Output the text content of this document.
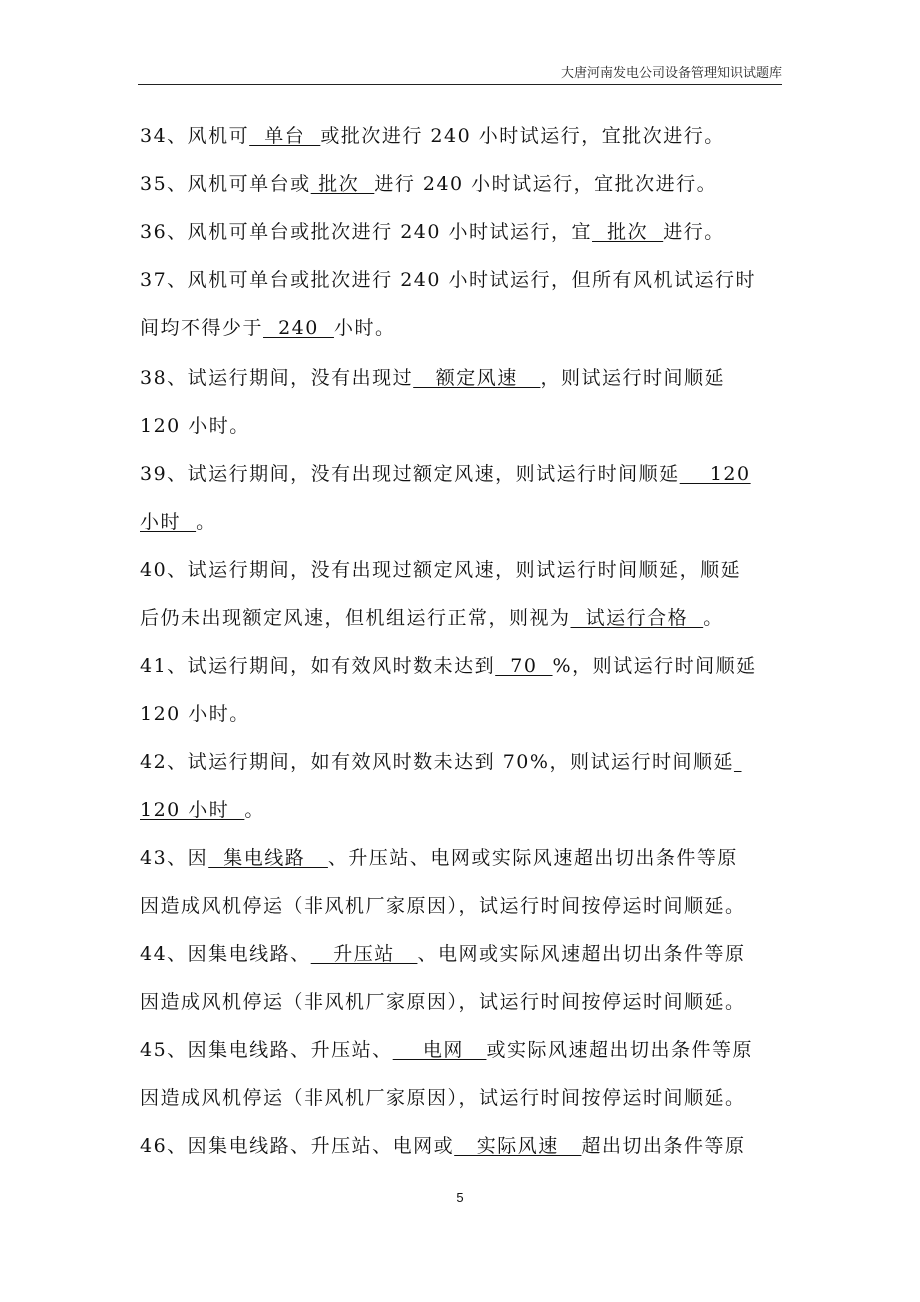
大唐河南发电公司设备管理知识试题库
34、风机可  单台  或批次进行 240 小时试运行，宜批次进行。
35、风机可单台或 批次  进行 240 小时试运行，宜批次进行。
36、风机可单台或批次进行 240 小时试运行，宜  批次  进行。
37、风机可单台或批次进行 240 小时试运行，但所有风机试运行时
间均不得少于  240  小时。
38、试运行期间，没有出现过   额定风速   ，则试运行时间顺延
120 小时。
39、试运行期间，没有出现过额定风速，则试运行时间顺延    120
小时  。
40、试运行期间，没有出现过额定风速，则试运行时间顺延，顺延
后仍未出现额定风速，但机组运行正常，则视为  试运行合格  。
41、试运行期间，如有效风时数未达到  70  %，则试运行时间顺延
120 小时。
42、试运行期间，如有效风时数未达到 70%，则试运行时间顺延
120 小时  。
43、因  集电线路   、升压站、电网或实际风速超出切出条件等原
因造成风机停运（非风机厂家原因），试运行时间按停运时间顺延。
44、因集电线路、   升压站   、电网或实际风速超出切出条件等原
因造成风机停运（非风机厂家原因），试运行时间按停运时间顺延。
45、因集电线路、升压站、    电网   或实际风速超出切出条件等原
因造成风机停运（非风机厂家原因），试运行时间按停运时间顺延。
46、因集电线路、升压站、电网或   实际风速   超出切出条件等原
5
